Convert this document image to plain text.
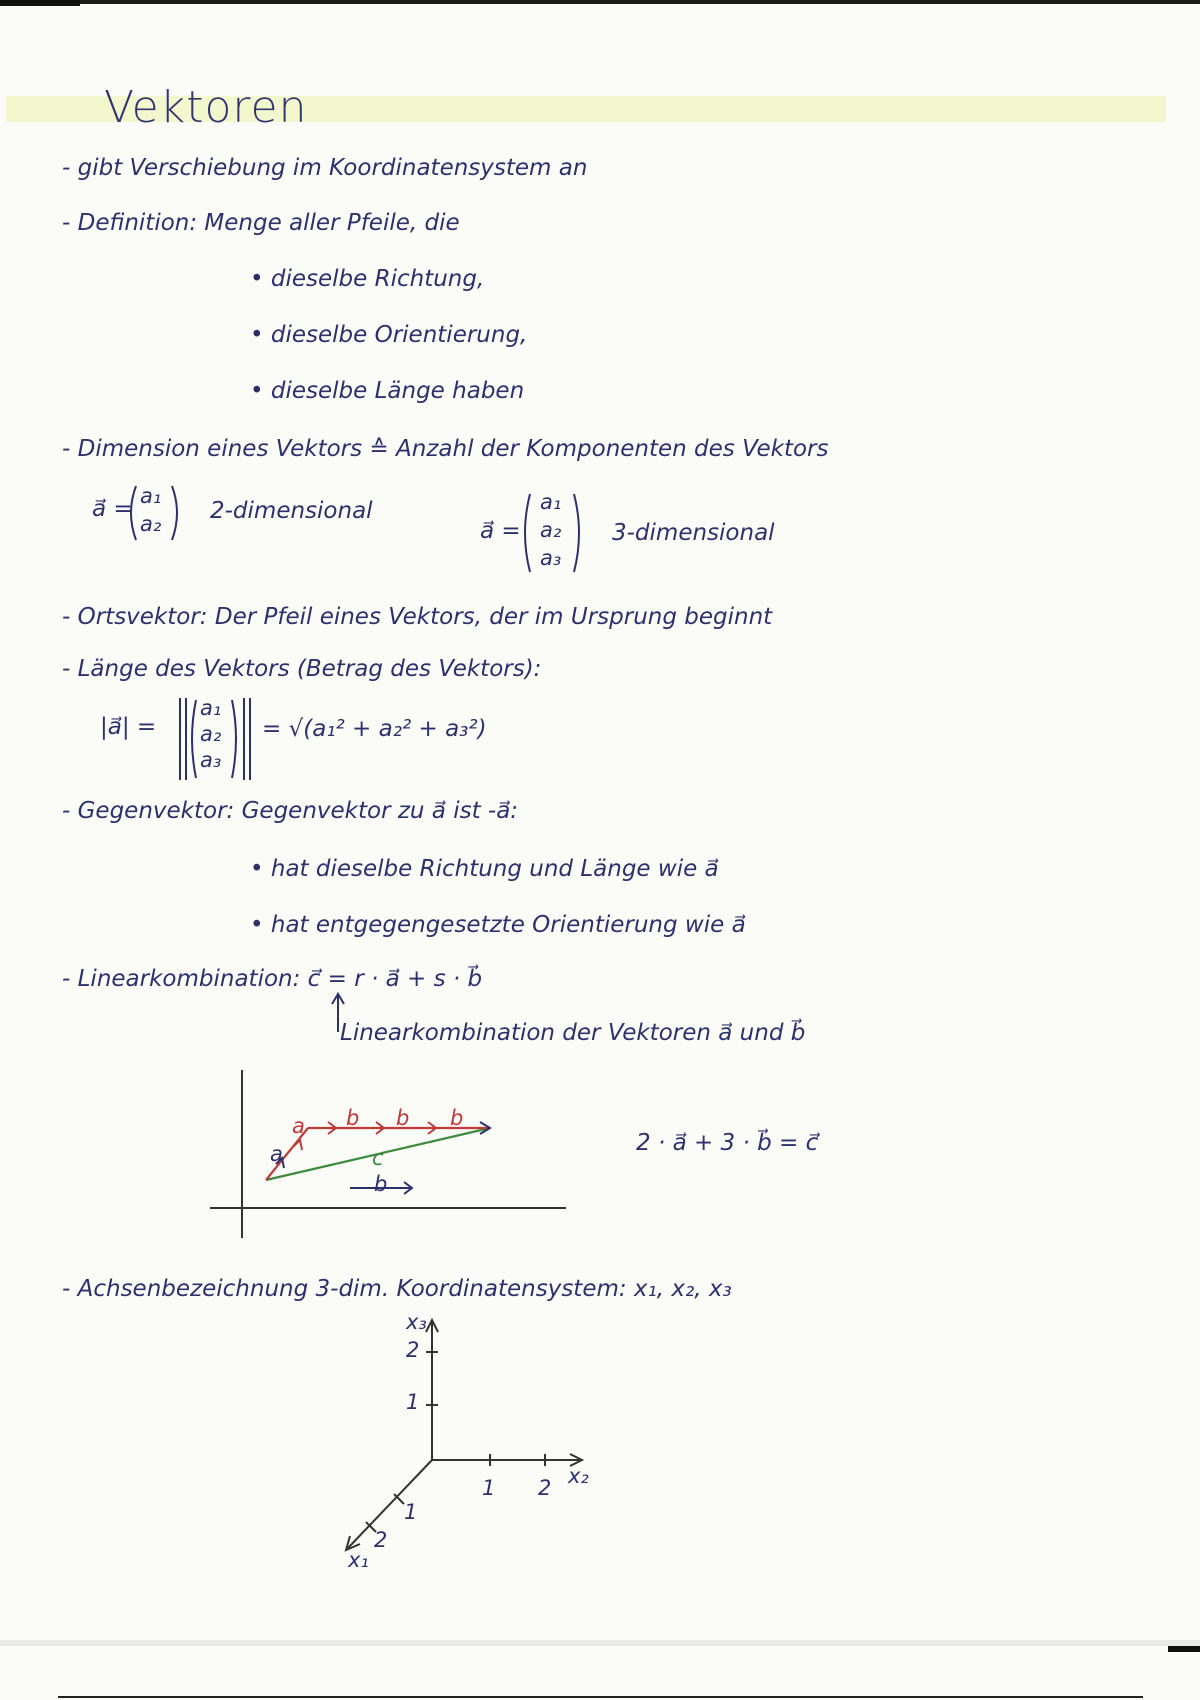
Vektoren
- gibt Verschiebung im Koordinatensystem an
- Definition: Menge aller Pfeile, die
• dieselbe Richtung,
• dieselbe Orientierung,
• dieselbe Länge haben
- Dimension eines Vektors ≙ Anzahl der Komponenten des Vektors
a⃗ = a₁
a₂ 2-dimensional
a⃗ =
a₁
a₂
a₃
3-dimensional
- Ortsvektor: Der Pfeil eines Vektors, der im Ursprung beginnt
- Länge des Vektors (Betrag des Vektors):
|a⃗| =
a₁
a₂
a₃
= √(a₁² + a₂² + a₃²)
- Gegenvektor: Gegenvektor zu a⃗ ist -a⃗:
• hat dieselbe Richtung und Länge wie a⃗
• hat entgegengesetzte Orientierung wie a⃗
- Linearkombination: c⃗ = r · a⃗ + s · b⃗
Linearkombination der Vektoren a⃗ und b⃗
a
a b b b
c
b
2 · a⃗ + 3 · b⃗ = c⃗
- Achsenbezeichnung 3-dim. Koordinatensystem: x₁, x₂, x₃
x₃
x₂
x₁
1
2
1 2
1
2
